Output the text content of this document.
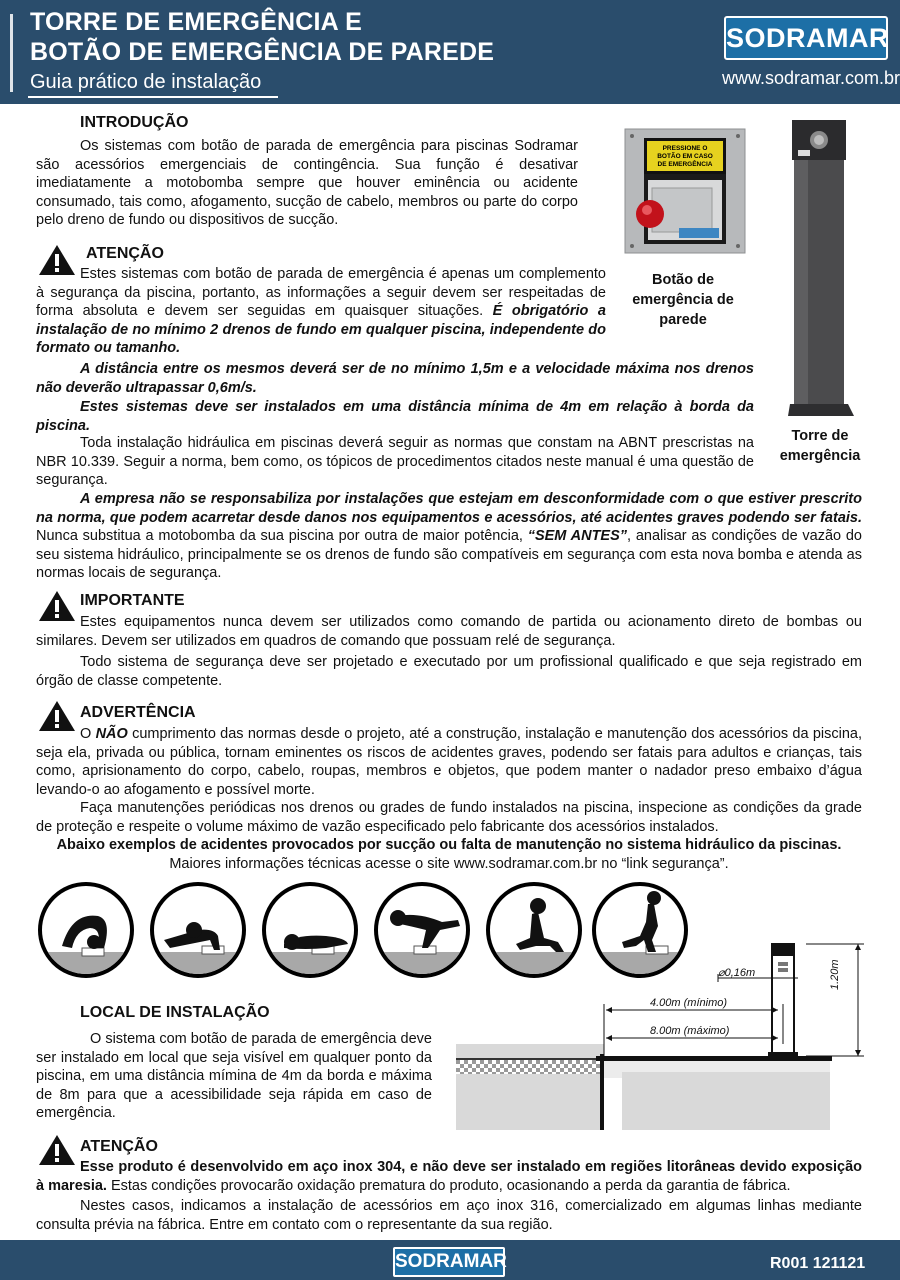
TORRE DE EMERGÊNCIA E
BOTÃO DE EMERGÊNCIA DE PAREDE
Guia prático de instalação
SODRAMAR
www.sodramar.com.br
INTRODUÇÃO
Os sistemas com botão de parada de emergência para piscinas Sodramar são acessórios emergenciais de contingência. Sua função é desativar imediatamente a motobomba sempre que houver eminência ou acidente consumado, tais como, afogamento, sucção de cabelo, membros ou parte do corpo pelo dreno de fundo ou dispositivos de sucção.
PRESSIONE O
BOTÃO EM CASO
DE EMERGÊNCIA
Botão de emergência de parede
Torre de emergência
ATENÇÃO
Estes sistemas com botão de parada de emergência é apenas um complemento à segurança da piscina, portanto, as informações a seguir devem ser respeitadas de forma absoluta e devem ser seguidas em quaisquer situações. É obrigatório a instalação de no mínimo 2 drenos de fundo em qualquer piscina, independente do formato ou tamanho.
A distância entre os mesmos deverá ser de no mínimo 1,5m e a velocidade máxima nos drenos não deverão ultrapassar 0,6m/s.
Estes sistemas deve ser instalados em uma distância mínima de 4m em relação à borda da piscina.
Toda instalação hidráulica em piscinas deverá seguir as normas que constam na ABNT prescristas na NBR 10.339. Seguir a norma, bem como, os tópicos de procedimentos citados neste manual é uma questão de segurança.
A empresa não se responsabiliza por instalações que estejam em desconformidade com o que estiver prescrito na norma, que podem acarretar desde danos nos equipamentos e acessórios, até acidentes graves podendo ser fatais. Nunca substitua a motobomba da sua piscina por outra de maior potência, “SEM ANTES”, analisar as condições de vazão do seu sistema hidráulico, principalmente se os drenos de fundo são compatíveis em segurança com esta nova bomba e atenda as normas locais de segurança.
IMPORTANTE
Estes equipamentos nunca devem ser utilizados como comando de partida ou acionamento direto de bombas ou similares. Devem ser utilizados em quadros de comando que possuam relé de segurança.
Todo sistema de segurança deve ser projetado e executado por um profissional qualificado e que seja registrado em órgão de classe competente.
ADVERTÊNCIA
O NÃO cumprimento das normas desde o projeto, até a construção, instalação e manutenção dos acessórios da piscina, seja ela, privada ou pública, tornam eminentes os riscos de acidentes graves, podendo ser fatais para adultos e crianças, tais como, aprisionamento do corpo, cabelo, roupas, membros e objetos, que podem manter o nadador preso embaixo d’água levando-o ao afogamento e possível morte.
Faça manutenções periódicas nos drenos ou grades de fundo instalados na piscina, inspecione as condições da grade de proteção e respeite o volume máximo de vazão especificado pelo fabricante dos acessórios instalados.
Abaixo exemplos de acidentes provocados por sucção ou falta de manutenção no sistema hidráulico da piscinas. Maiores informações técnicas acesse o site www.sodramar.com.br no “link segurança”.
LOCAL DE INSTALAÇÃO
O sistema com botão de parada de emergência deve ser instalado em local que seja visível em qualquer ponto da piscina, em uma distância mímina de 4m da borda e máxima de 8m para que a acessibilidade seja rápida em caso de emergência.
⌀0,16m
4.00m (mínimo)
8.00m (máximo)
1.20m
ATENÇÃO
Esse produto é desenvolvido em aço inox 304, e não deve ser instalado em regiões litorâneas devido exposição à maresia. Estas condições provocarão oxidação prematura do produto, ocasionando a perda da garantia de fábrica.
Nestes casos, indicamos a instalação de acessórios em aço inox 316, comercializado em algumas linhas mediante consulta prévia na fábrica. Entre em contato com o representante da sua região.
SODRAMAR	R001 121121
